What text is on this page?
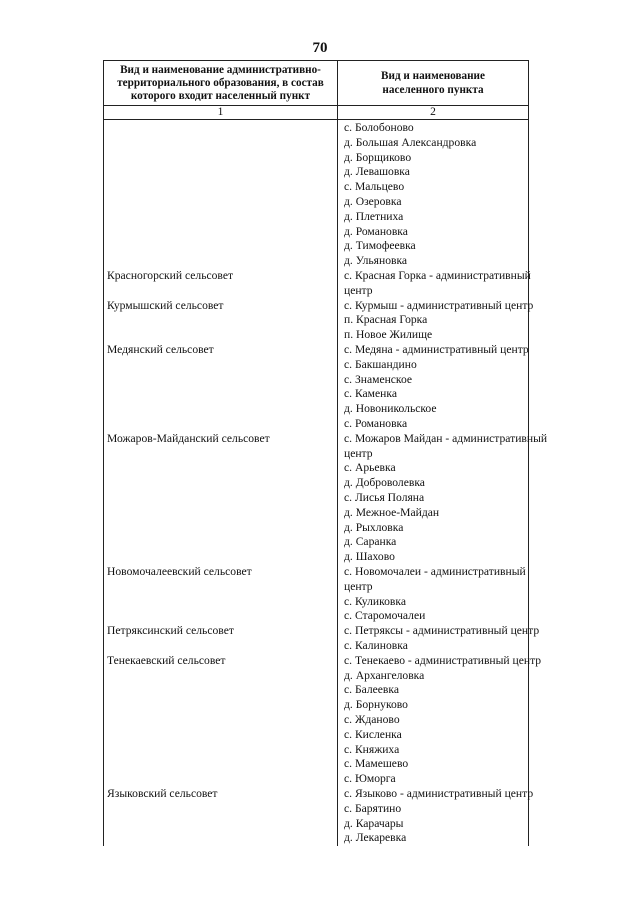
70
Вид и наименование административно-
территориального образования, в состав
которого входит населенный пункт
Вид и наименование
населенного пункта
1	2
с. Болобоново
д. Большая Александровка
д. Борщиково
д. Левашовка
с. Мальцево
д. Озеровка
д. Плетниха
д. Романовка
д. Тимофеевка
д. Ульяновка
Красногорский сельсовет	с. Красная Горка - административный
центр
Курмышский сельсовет	с. Курмыш - административный центр
п. Красная Горка
п. Новое Жилище
Медянский сельсовет	с. Медяна - административный центр
с. Бакшандино
с. Знаменское
с. Каменка
д. Новоникольское
с. Романовка
Можаров-Майданский сельсовет	с. Можаров Майдан - административный
центр
с. Арьевка
д. Доброволевка
с. Лисья Поляна
д. Межное-Майдан
д. Рыхловка
д. Саранка
д. Шахово
Новомочалеевский сельсовет	с. Новомочалеи - административный
центр
с. Куликовка
с. Старомочалеи
Петряксинский сельсовет	с. Петряксы - административный центр
с. Калиновка
Тенекаевский сельсовет	с. Тенекаево - административный центр
д. Архангеловка
с. Балеевка
д. Борнуково
с. Ждановo
с. Кисленка
с. Княжиха
с. Мамешево
с. Юморга
Языковский сельсовет	с. Языково - административный центр
с. Барятино
д. Карачары
д. Лекаревка
